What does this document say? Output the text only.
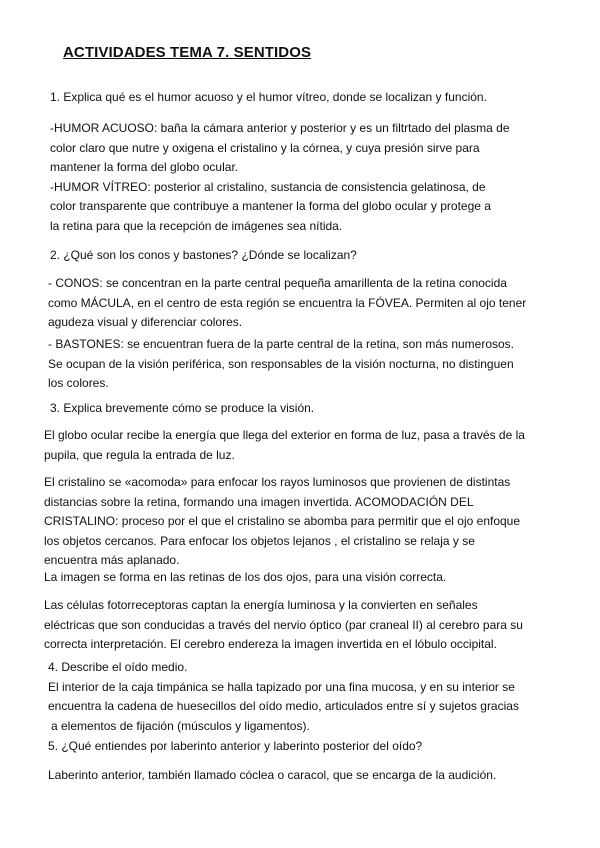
ACTIVIDADES TEMA 7. SENTIDOS
1. Explica qué es el humor acuoso y el humor vítreo, donde se localizan y función.
-HUMOR ACUOSO: baña la cámara anterior y posterior y es un filtrtado del plasma de
color claro que nutre y oxigena el cristalino y la córnea, y cuya presión sirve para
mantener la forma del globo ocular.
-HUMOR VÍTREO: posterior al cristalino, sustancia de consistencia gelatinosa, de
color transparente que contribuye a mantener la forma del globo ocular y protege a
la retina para que la recepción de imágenes sea nítida.
2. ¿Qué son los conos y bastones? ¿Dónde se localizan?
- CONOS: se concentran en la parte central pequeña amarillenta de la retina conocida
como MÁCULA, en el centro de esta región se encuentra la FÓVEA. Permiten al ojo tener
agudeza visual y diferenciar colores.
- BASTONES: se encuentran fuera de la parte central de la retina, son más numerosos.
Se ocupan de la visión periférica, son responsables de la visión nocturna, no distinguen
los colores.
3. Explica brevemente cómo se produce la visión.
El globo ocular recibe la energía que llega del exterior en forma de luz, pasa a través de la
pupila, que regula la entrada de luz.
El cristalino se «acomoda» para enfocar los rayos luminosos que provienen de distintas
distancias sobre la retina, formando una imagen invertida. ACOMODACIÓN DEL
CRISTALINO: proceso por el que el cristalino se abomba para permitir que el ojo enfoque
los objetos cercanos. Para enfocar los objetos lejanos , el cristalino se relaja y se
encuentra más aplanado.
La imagen se forma en las retinas de los dos ojos, para una visión correcta.
Las células fotorreceptoras captan la energía luminosa y la convierten en señales
eléctricas que son conducidas a través del nervio óptico (par craneal II) al cerebro para su
correcta interpretación. El cerebro endereza la imagen invertida en el lóbulo occipital.
4. Describe el oído medio.
El interior de la caja timpánica se halla tapizado por una fina mucosa, y en su interior se
encuentra la cadena de huesecillos del oído medio, articulados entre sí y sujetos gracias
a elementos de fijación (músculos y ligamentos).
5. ¿Qué entiendes por laberinto anterior y laberinto posterior del oído?
Laberinto anterior, también llamado cóclea o caracol, que se encarga de la audición.
